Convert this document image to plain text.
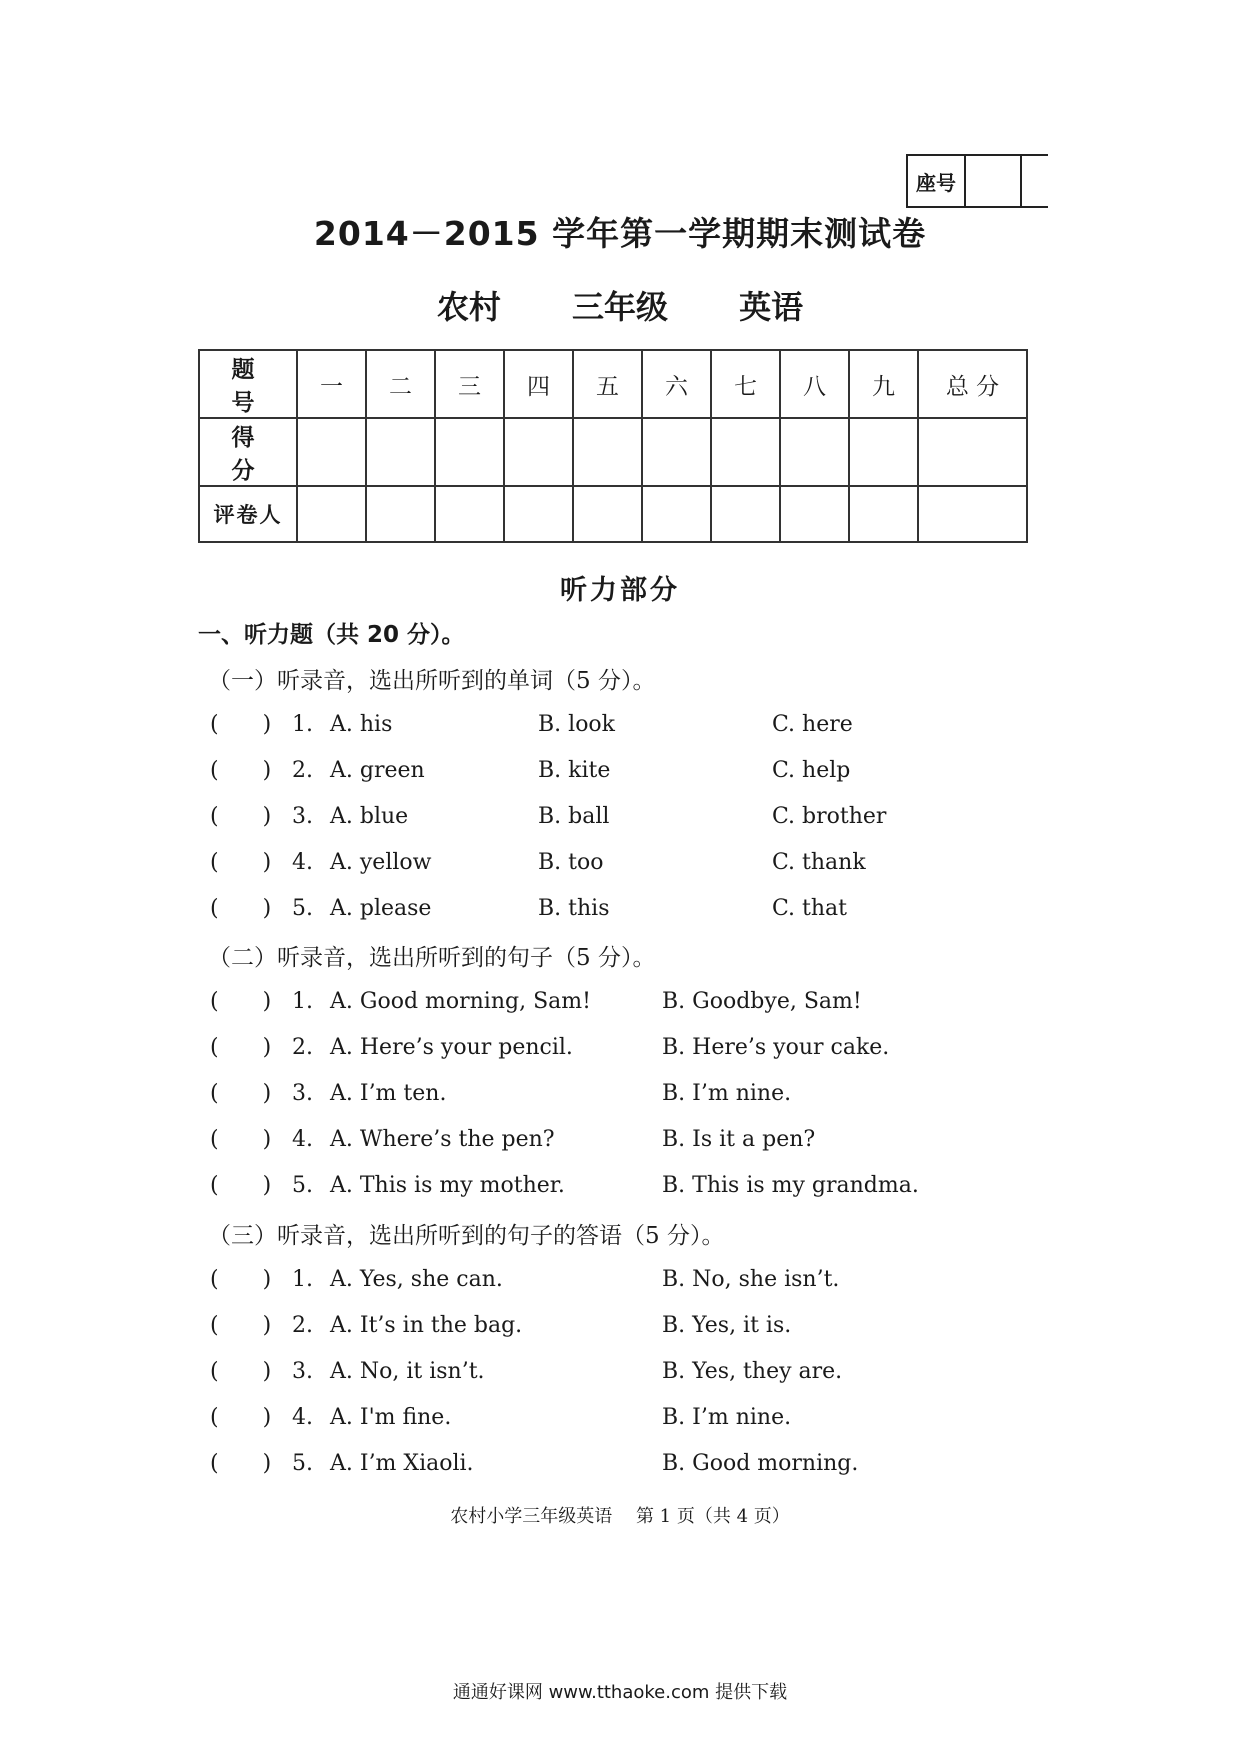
座号
2014－2015 学年第一学期期末测试卷
农村 三年级 英语
题　号	一	二	三	四	五	六	七	八	九	总 分
得　分										
评卷人										
听力部分
一、听力题（共 20 分）。
（一）听录音，选出所听到的单词（5 分）。
(　　) 1. A. his	B. look	C. here
(　　) 2. A. green	B. kite	C. help
(　　) 3. A. blue	B. ball	C. brother
(　　) 4. A. yellow	B. too	C. thank
(　　) 5. A. please	B. this	C. that
（二）听录音，选出所听到的句子（5 分）。
(　　) 1. A. Good morning, Sam!	B. Goodbye, Sam!
(　　) 2. A. Here’s your pencil.	B. Here’s your cake.
(　　) 3. A. I’m ten.	B. I’m nine.
(　　) 4. A. Where’s the pen?	B. Is it a pen?
(　　) 5. A. This is my mother.	B. This is my grandma.
（三）听录音，选出所听到的句子的答语（5 分）。
(　　) 1. A. Yes, she can.	B. No, she isn’t.
(　　) 2. A. It’s in the bag.	B. Yes, it is.
(　　) 3. A. No, it isn’t.	B. Yes, they are.
(　　) 4. A. I'm fine.	B. I’m nine.
(　　) 5. A. I’m Xiaoli.	B. Good morning.
农村小学三年级英语　 第 1 页（共 4 页）
通通好课网 www.tthaoke.com 提供下载
